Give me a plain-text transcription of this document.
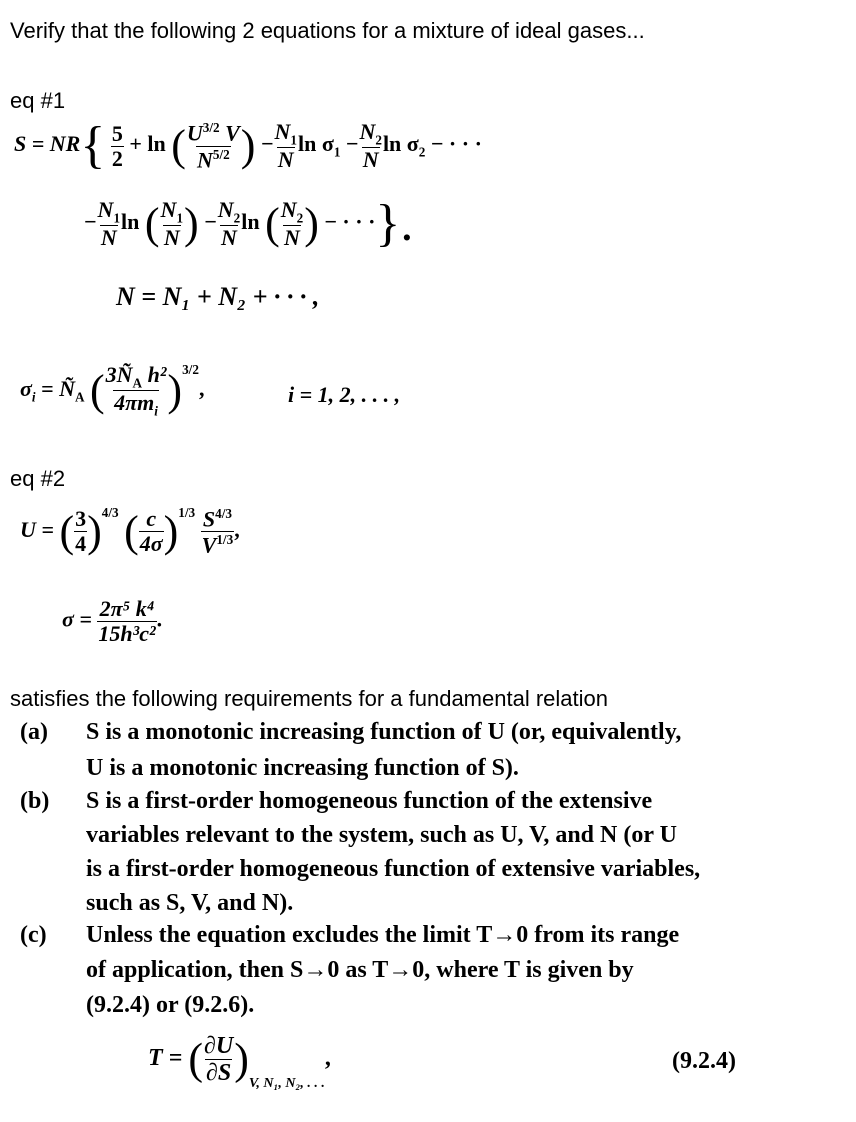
Verify that the following 2 equations for a mixture of ideal gases...
eq #1
$S = NR\{ \frac{5}{2} + \ln$ ( $\frac{U^{3/2} V}{N^{5/2}}$ ) − $\frac{N_1}{N}$ $\ln \sigma_1 - \frac{N_2}{N}$ $\ln \sigma_2$ − · · ·
− $\frac{N_1}{N}$ ln ( $\frac{N_1}{N}$ ) − $\frac{N_2}{N}$ ln ( $\frac{N_2}{N}$ ) − · · ·}.
N = N₁ + N₂ + · · · ,
$\sigma_i$ = $Ñ_A$ ( $\frac{3Ñ_A h^2}{4\pi m_i} )^{3/2}$,	i = 1, 2, . . . ,
eq #2
U = ( $\frac{3}{4} )^{4/3}$ ( $\frac{c}{4\sigma} )^{1/3} \frac{S^{4/3}}{V^{1/3}}$ ,
$\sigma = \frac{\text{2π⁵ k⁴}}{\text{15h³c²}}$ .
satisfies the following requirements for a fundamental relation
(a)	S is a monotonic increasing function of U (or, equivalently,
U is a monotonic increasing function of S).
(b)	S is a first-order homogeneous function of the extensive
variables relevant to the system, such as U, V, and N (or U
is a first-order homogeneous function of extensive variables,
such as S, V, and N).
(c)	Unless the equation excludes the limit T→0 from its range
of application, then S→0 as T→0, where T is given by
(9.2.4) or (9.2.6).
T = ( $\frac{\partial U}{\partial S} )_{V, N_1, N_2, . . .}$,	(9.2.4)
